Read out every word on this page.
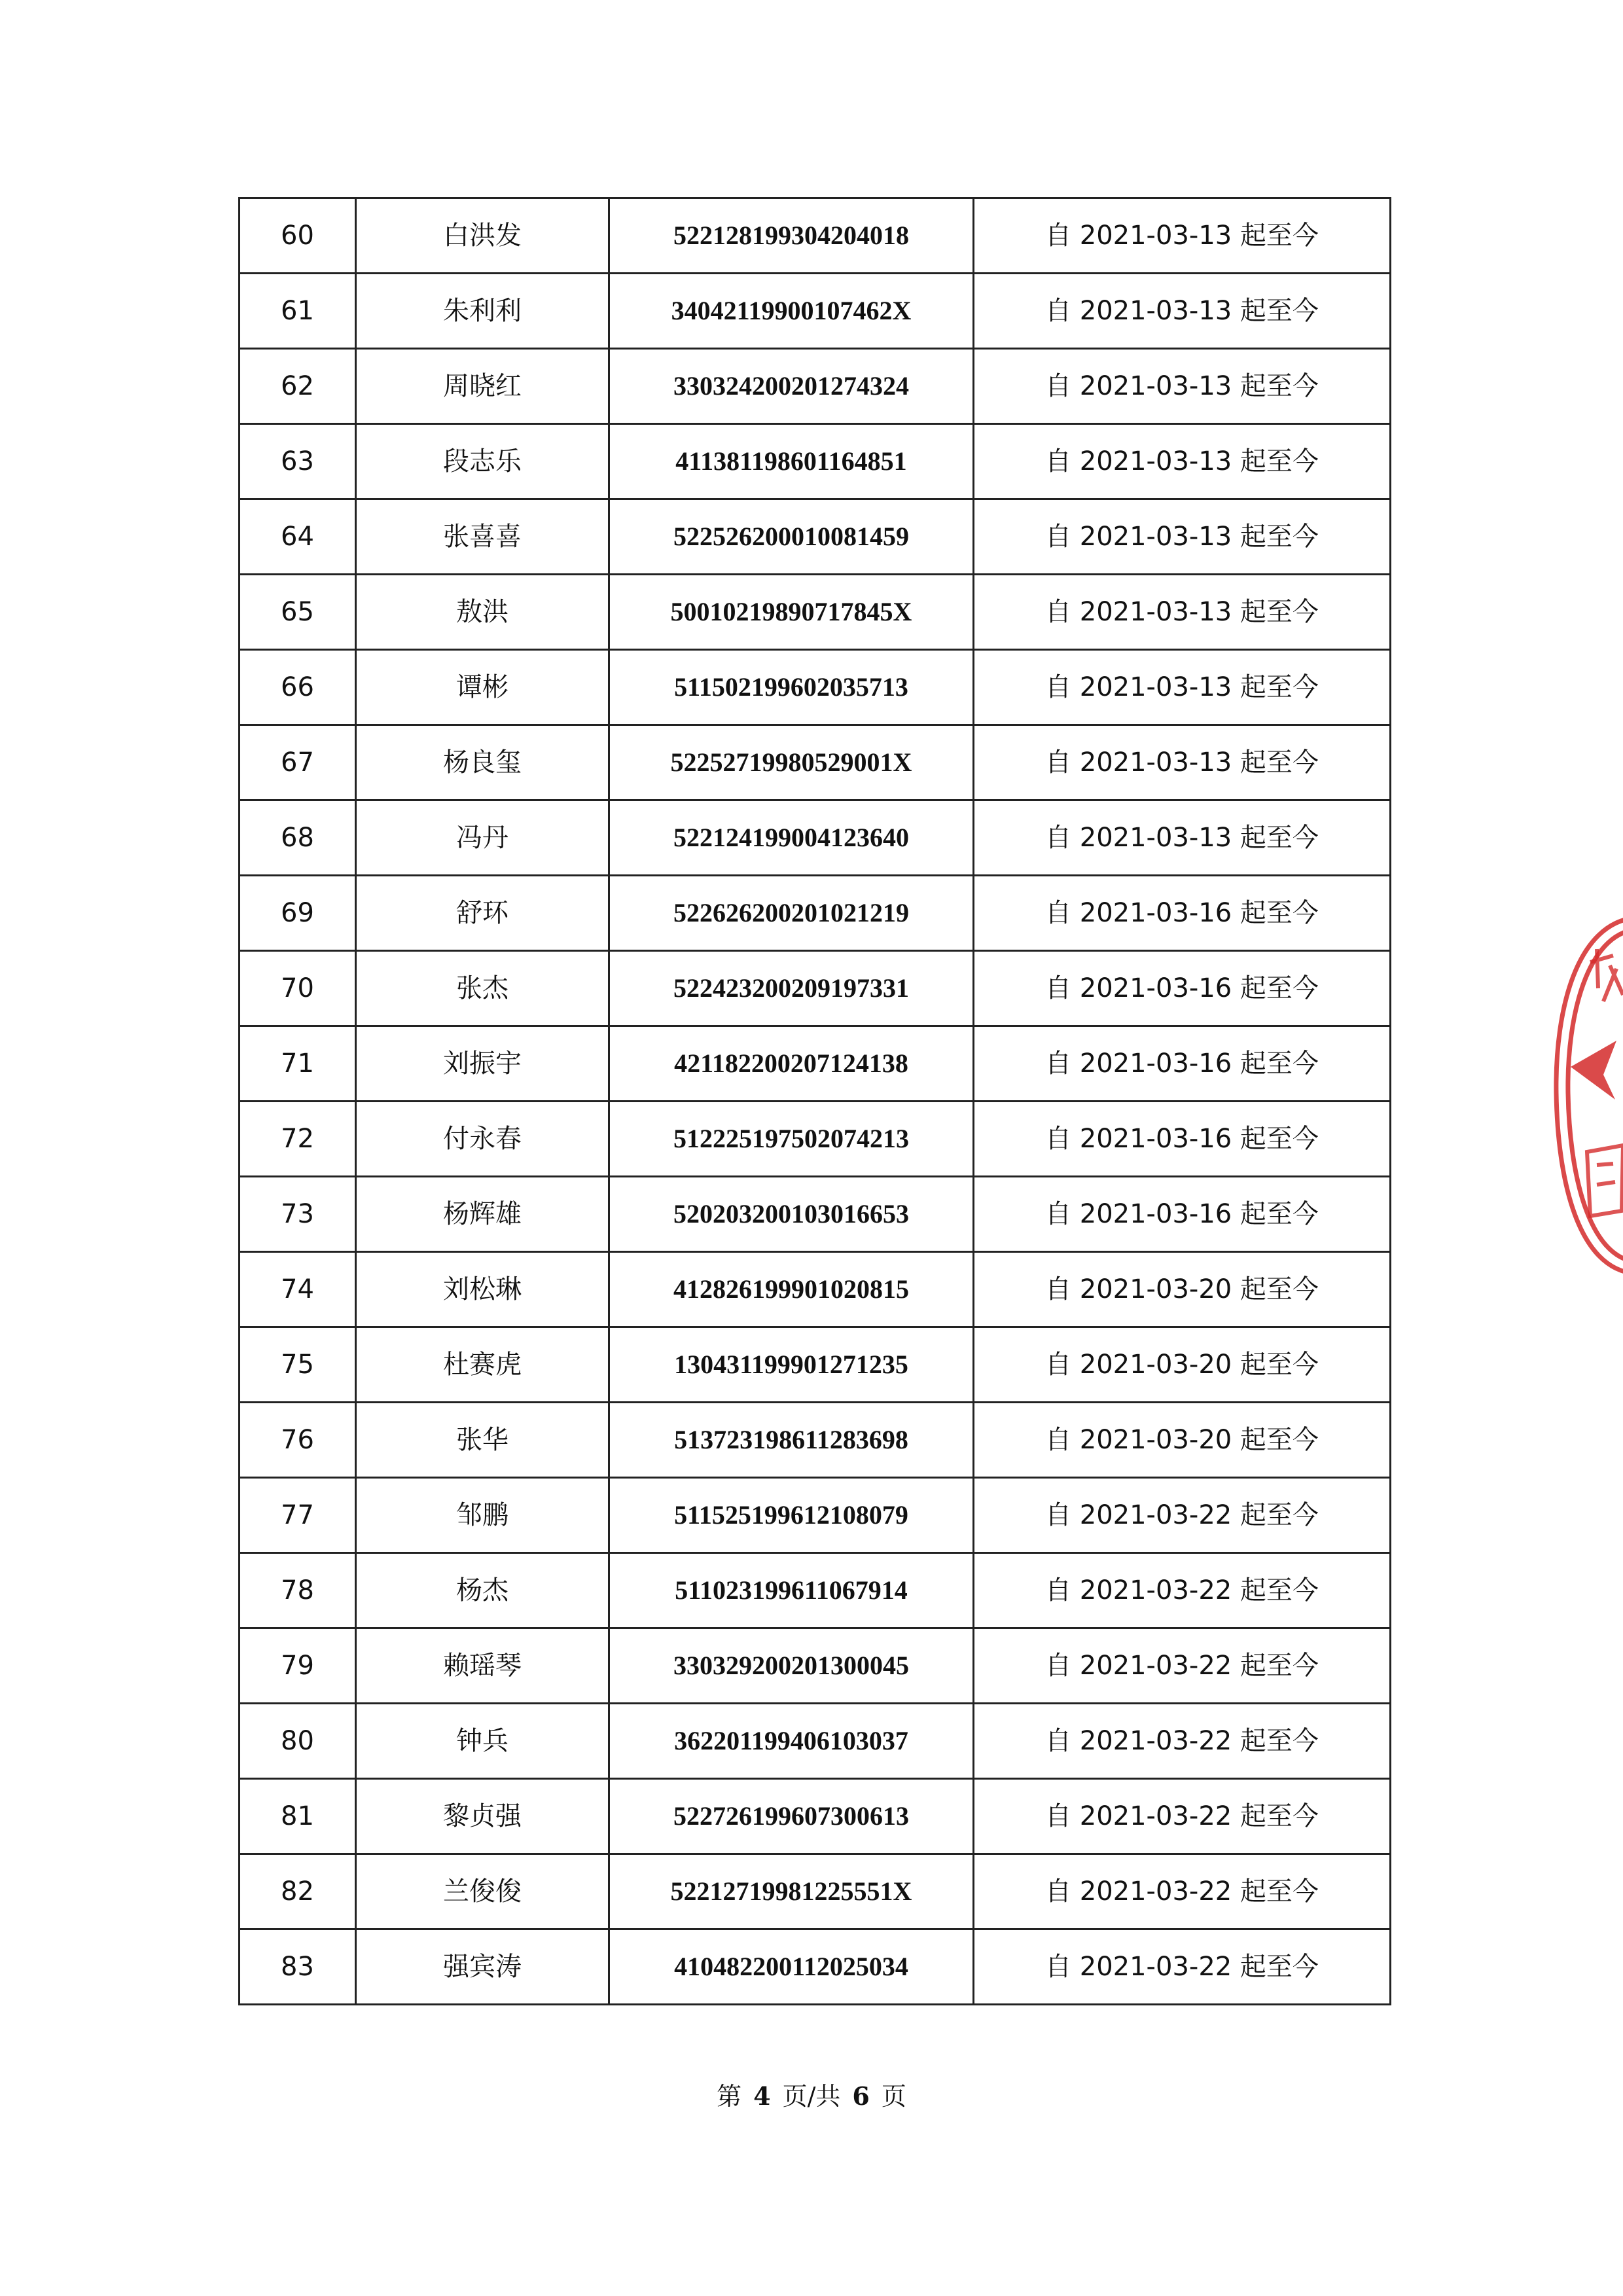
60	白洪发	522128199304204018	自 2021-03-13 起至今
61	朱利利	34042119900107462X	自 2021-03-13 起至今
62	周晓红	330324200201274324	自 2021-03-13 起至今
63	段志乐	411381198601164851	自 2021-03-13 起至今
64	张喜喜	522526200010081459	自 2021-03-13 起至今
65	敖洪	50010219890717845X	自 2021-03-13 起至今
66	谭彬	511502199602035713	自 2021-03-13 起至今
67	杨良玺	52252719980529001X	自 2021-03-13 起至今
68	冯丹	522124199004123640	自 2021-03-13 起至今
69	舒环	522626200201021219	自 2021-03-16 起至今
70	张杰	522423200209197331	自 2021-03-16 起至今
71	刘振宇	421182200207124138	自 2021-03-16 起至今
72	付永春	512225197502074213	自 2021-03-16 起至今
73	杨辉雄	520203200103016653	自 2021-03-16 起至今
74	刘松琳	412826199901020815	自 2021-03-20 起至今
75	杜赛虎	130431199901271235	自 2021-03-20 起至今
76	张华	513723198611283698	自 2021-03-20 起至今
77	邹鹏	511525199612108079	自 2021-03-22 起至今
78	杨杰	511023199611067914	自 2021-03-22 起至今
79	赖瑶琴	330329200201300045	自 2021-03-22 起至今
80	钟兵	362201199406103037	自 2021-03-22 起至今
81	黎贞强	522726199607300613	自 2021-03-22 起至今
82	兰俊俊	52212719981225551X	自 2021-03-22 起至今
83	强宾涛	410482200112025034	自 2021-03-22 起至今
第 4 页/共 6 页
